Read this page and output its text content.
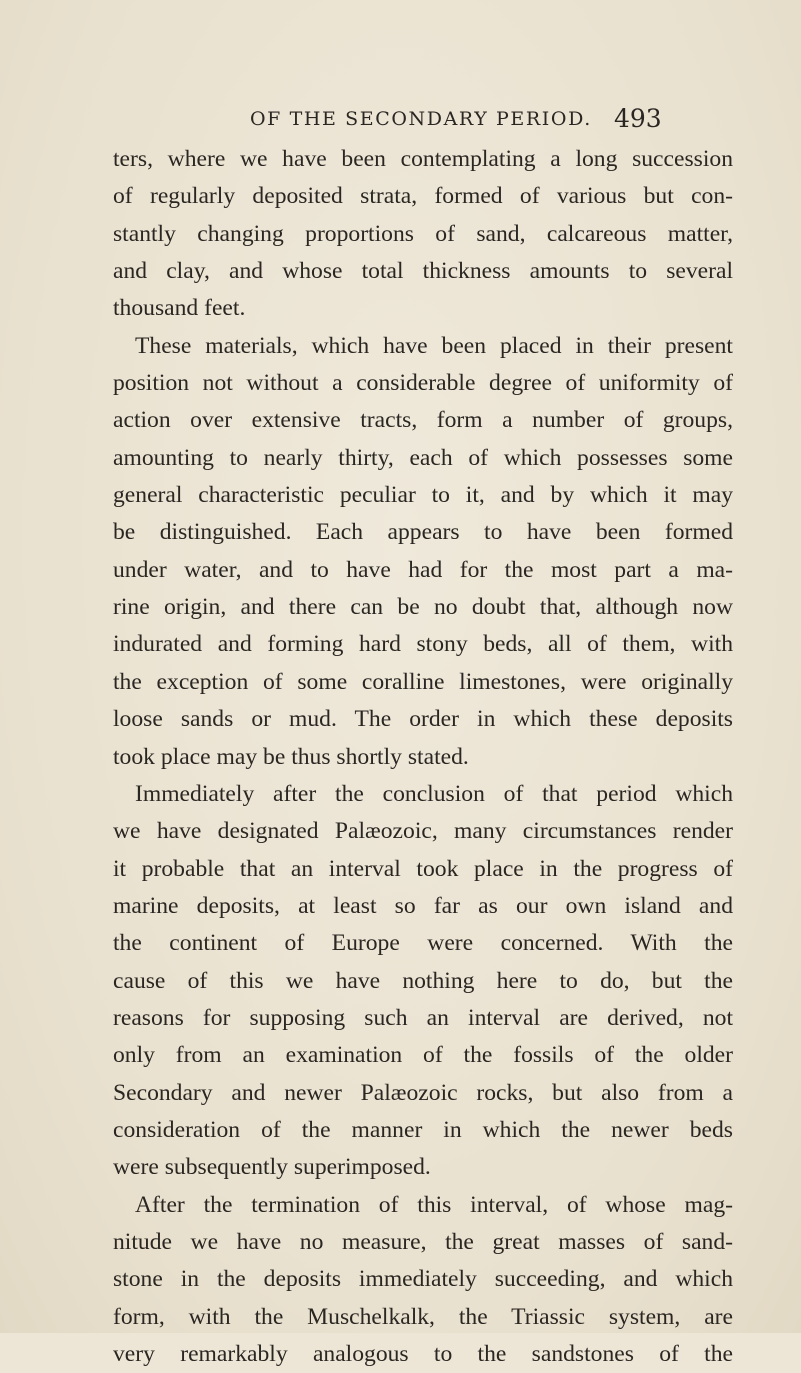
OF THE SECONDARY PERIOD. 493
ters, where we have been contemplating a long succession
of regularly deposited strata, formed of various but con-
stantly changing proportions of sand, calcareous matter,
and clay, and whose total thickness amounts to several
thousand feet.
These materials, which have been placed in their present
position not without a considerable degree of uniformity of
action over extensive tracts, form a number of groups,
amounting to nearly thirty, each of which possesses some
general characteristic peculiar to it, and by which it may
be distinguished. Each appears to have been formed
under water, and to have had for the most part a ma-
rine origin, and there can be no doubt that, although now
indurated and forming hard stony beds, all of them, with
the exception of some coralline limestones, were originally
loose sands or mud. The order in which these deposits
took place may be thus shortly stated.
Immediately after the conclusion of that period which
we have designated Palæozoic, many circumstances render
it probable that an interval took place in the progress of
marine deposits, at least so far as our own island and
the continent of Europe were concerned. With the
cause of this we have nothing here to do, but the
reasons for supposing such an interval are derived, not
only from an examination of the fossils of the older
Secondary and newer Palæozoic rocks, but also from a
consideration of the manner in which the newer beds
were subsequently superimposed.
After the termination of this interval, of whose mag-
nitude we have no measure, the great masses of sand-
stone in the deposits immediately succeeding, and which
form, with the Muschelkalk, the Triassic system, are
very remarkably analogous to the sandstones of the
